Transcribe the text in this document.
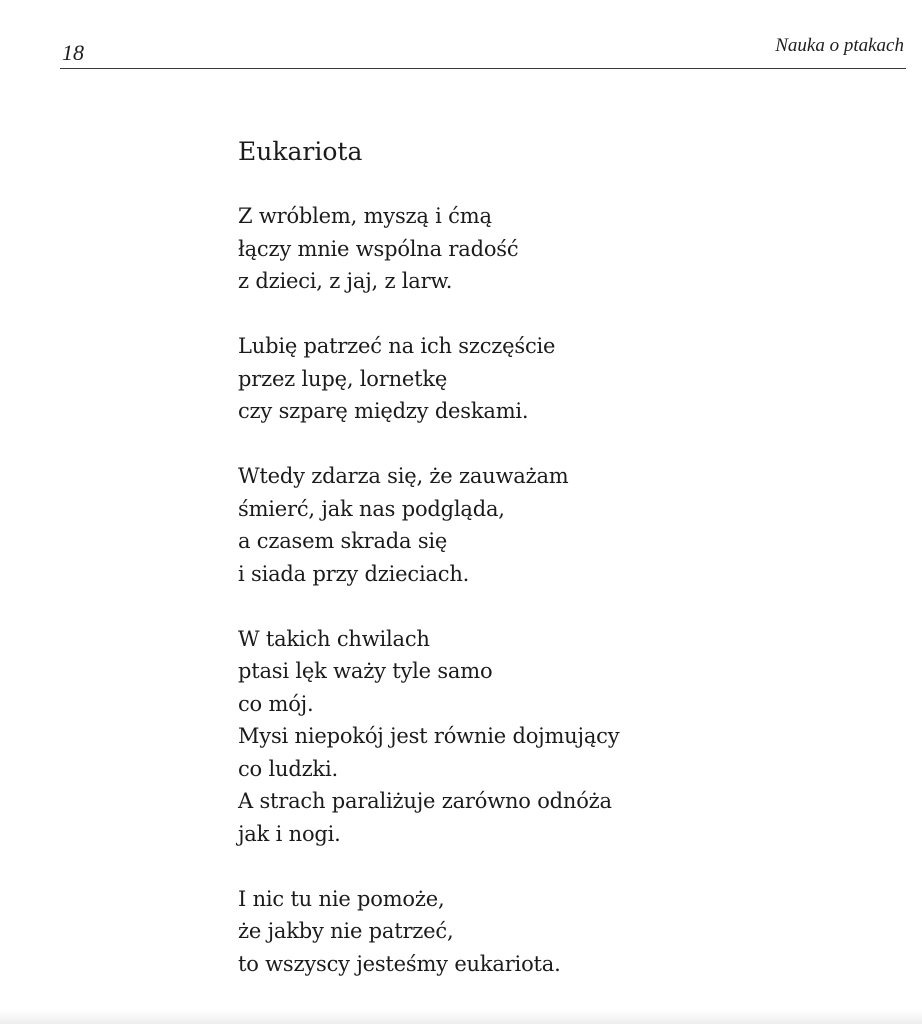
18	Nauka o ptakach
Eukariota
Z wróblem, myszą i ćmą
łączy mnie wspólna radość
z dzieci, z jaj, z larw.
Lubię patrzeć na ich szczęście
przez lupę, lornetkę
czy szparę między deskami.
Wtedy zdarza się, że zauważam
śmierć, jak nas podgląda,
a czasem skrada się
i siada przy dzieciach.
W takich chwilach
ptasi lęk waży tyle samo
co mój.
Mysi niepokój jest równie dojmujący
co ludzki.
A strach paraliżuje zarówno odnóża
jak i nogi.
I nic tu nie pomoże,
że jakby nie patrzeć,
to wszyscy jesteśmy eukariota.
